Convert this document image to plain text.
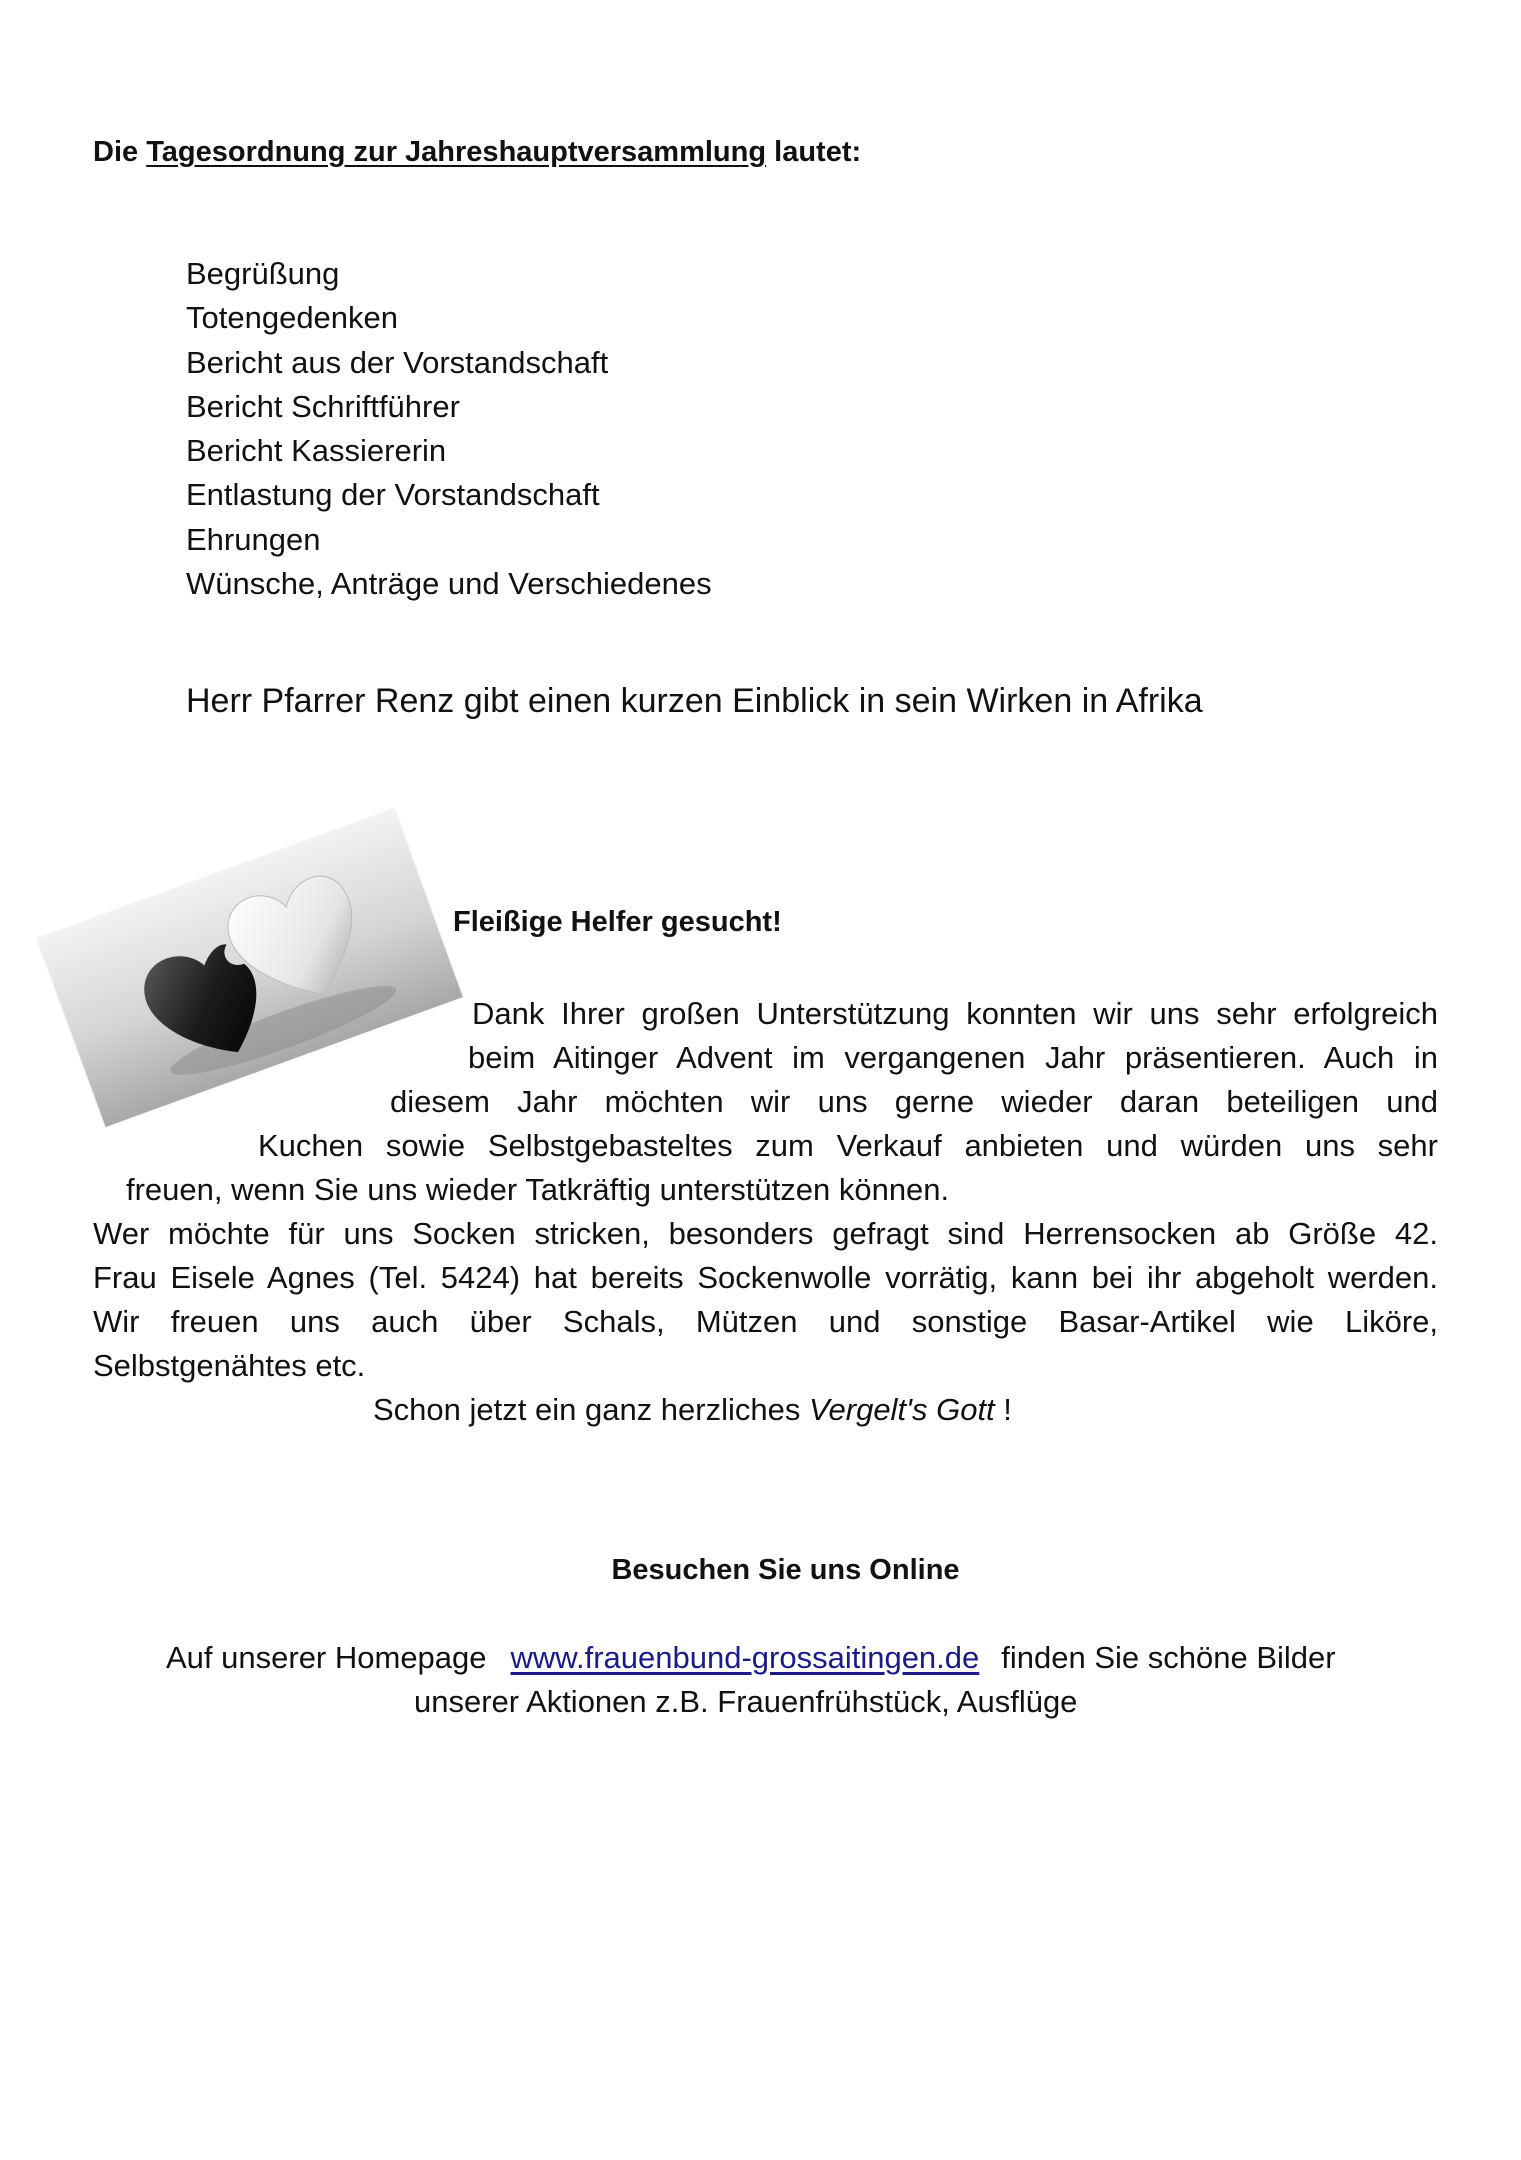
Die Tagesordnung zur Jahreshauptversammlung lautet:
Begrüßung
Totengedenken
Bericht aus der Vorstandschaft
Bericht Schriftführer
Bericht Kassiererin
Entlastung der Vorstandschaft
Ehrungen
Wünsche, Anträge und Verschiedenes
Herr Pfarrer Renz gibt einen kurzen Einblick in sein Wirken in Afrika
Fleißige Helfer gesucht!
Dank Ihrer großen Unterstützung konnten wir uns sehr erfolgreich
beim Aitinger Advent im vergangenen Jahr präsentieren. Auch in
diesem Jahr möchten wir uns gerne wieder daran beteiligen und
Kuchen sowie Selbstgebasteltes zum Verkauf anbieten und würden uns sehr
freuen, wenn Sie uns wieder Tatkräftig unterstützen können.
Wer möchte für uns Socken stricken, besonders gefragt sind Herrensocken ab Größe 42.
Frau Eisele Agnes (Tel. 5424) hat bereits Sockenwolle vorrätig, kann bei ihr abgeholt werden.
Wir freuen uns auch über Schals, Mützen und sonstige Basar-Artikel wie Liköre,
Selbstgenähtes etc.
Schon jetzt ein ganz herzliches Vergelt's Gott !
Besuchen Sie uns Online
Auf unserer Homepage www.frauenbund-grossaitingen.de finden Sie schöne Bilder
unserer Aktionen z.B. Frauenfrühstück, Ausflüge
